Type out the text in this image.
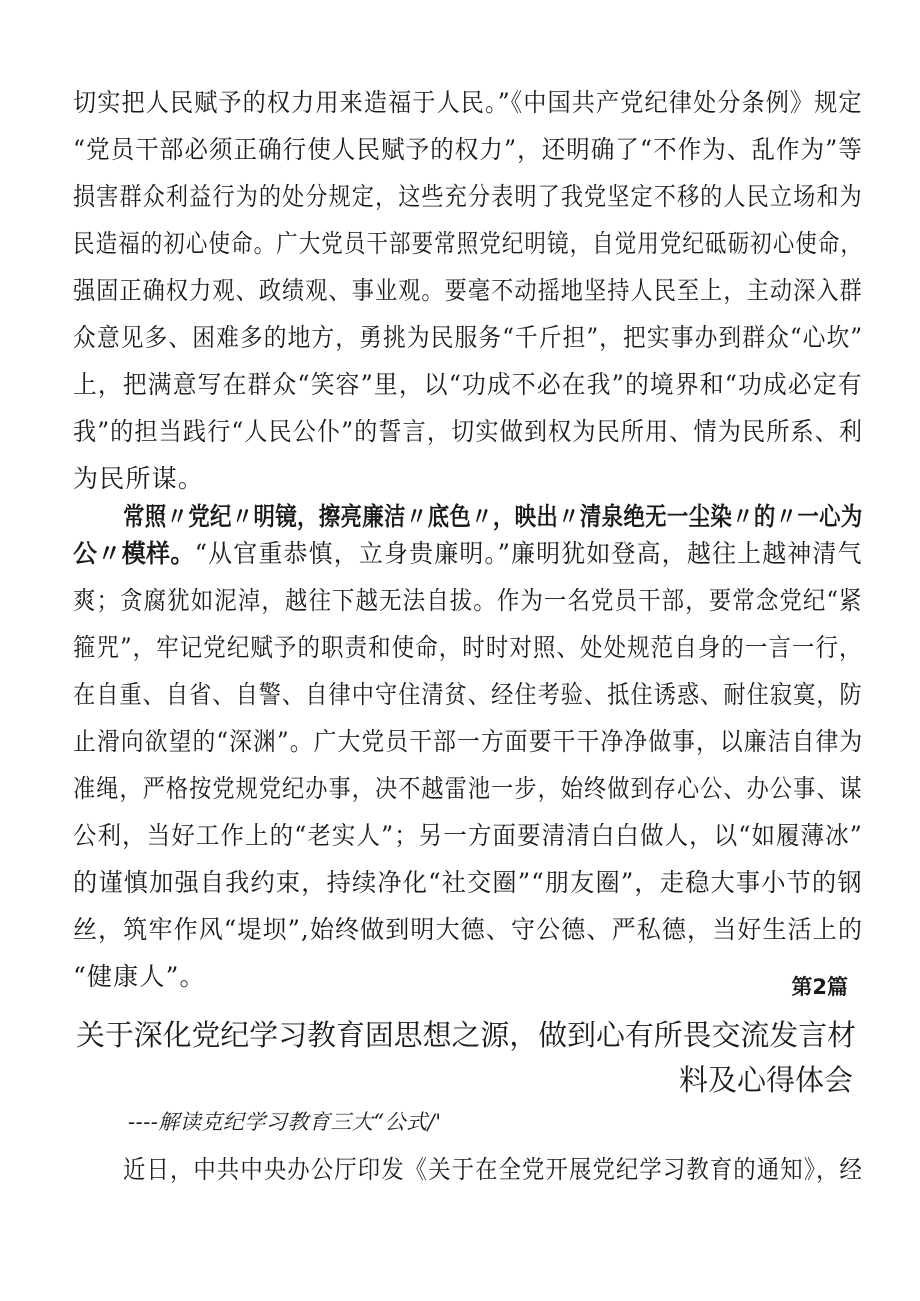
切实把人民赋予的权力用来造福于人民。”《中国共产党纪律处分条例》规定
“党员干部必须正确行使人民赋予的权力”，还明确了“不作为、乱作为”等
损害群众利益行为的处分规定，这些充分表明了我党坚定不移的人民立场和为
民造福的初心使命。广大党员干部要常照党纪明镜，自觉用党纪砥砺初心使命，
强固正确权力观、政绩观、事业观。要毫不动摇地坚持人民至上，主动深入群
众意见多、困难多的地方，勇挑为民服务“千斤担”，把实事办到群众“心坎”
上，把满意写在群众“笑容”里，以“功成不必在我”的境界和“功成必定有
我”的担当践行“人民公仆”的誓言，切实做到权为民所用、情为民所系、利
为民所谋。
常照〃党纪〃明镜，擦亮廉洁〃底色〃，映出〃清泉绝无一尘染〃的〃一心为
公〃模样。“从官重恭慎，立身贵廉明。”廉明犹如登高，越往上越神清气
爽；贪腐犹如泥淖，越往下越无法自拔。作为一名党员干部，要常念党纪“紧
箍咒”，牢记党纪赋予的职责和使命，时时对照、处处规范自身的一言一行，
在自重、自省、自警、自律中守住清贫、经住考验、抵住诱惑、耐住寂寞，防
止滑向欲望的“深渊”。广大党员干部一方面要干干净净做事，以廉洁自律为
准绳，严格按党规党纪办事，决不越雷池一步，始终做到存心公、办公事、谋
公利，当好工作上的“老实人”；另一方面要清清白白做人，以“如履薄冰”
的谨慎加强自我约束，持续净化“社交圈”“朋友圈”，走稳大事小节的钢
丝，筑牢作风“堤坝”,始终做到明大德、守公德、严私德，当好生活上的
“健康人”。	第2篇
关于深化党纪学习教育固思想之源，做到心有所畏交流发言材
料及心得体会
----解读克纪学习教育三大“公式/'
近日，中共中央办公厅印发《关于在全党开展党纪学习教育的通知》，经
